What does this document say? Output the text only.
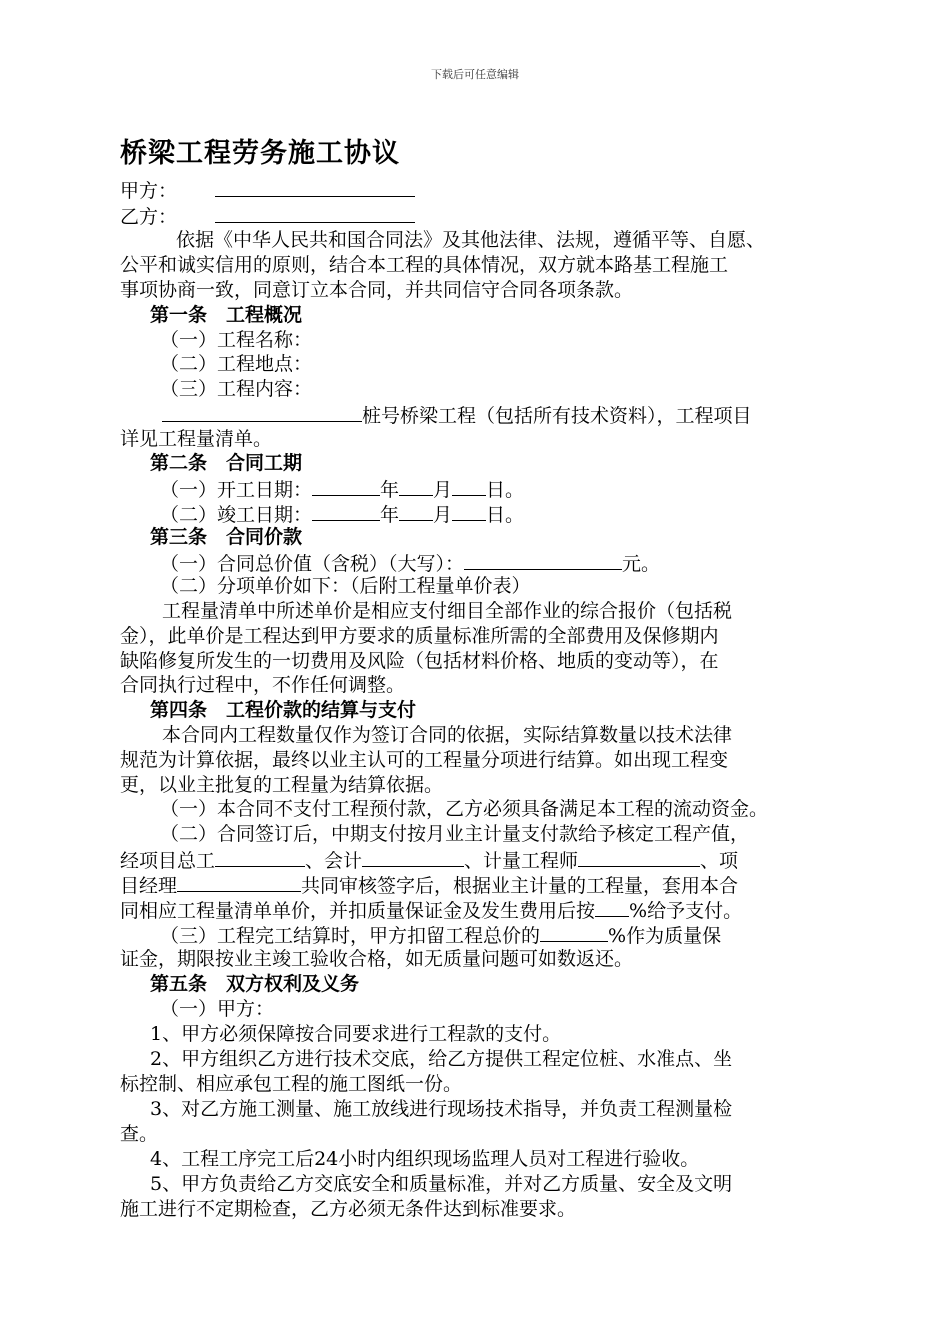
下载后可任意编辑
桥梁工程劳务施工协议
甲方：
乙方：
依据《中华人民共和国合同法》及其他法律、法规，遵循平等、自愿、
公平和诚实信用的原则，结合本工程的具体情况，双方就本路基工程施工
事项协商一致，同意订立本合同，并共同信守合同各项条款。
第一条　工程概况
（一）工程名称：
（二）工程地点：
（三）工程内容：
桩号桥梁工程（包括所有技术资料），工程项目
详见工程量清单。
第二条　合同工期
（一）开工日期：	年 月 日。
（二）竣工日期：	年 月 日。
第三条　合同价款
（一）合同总价值（含税）（大写）：	元。
（二）分项单价如下：（后附工程量单价表）
工程量清单中所述单价是相应支付细目全部作业的综合报价（包括税
金），此单价是工程达到甲方要求的质量标准所需的全部费用及保修期内
缺陷修复所发生的一切费用及风险（包括材料价格、地质的变动等），在
合同执行过程中，不作任何调整。
第四条　工程价款的结算与支付
本合同内工程数量仅作为签订合同的依据，实际结算数量以技术法律
规范为计算依据，最终以业主认可的工程量分项进行结算。如出现工程变
更，以业主批复的工程量为结算依据。
（一）本合同不支付工程预付款，乙方必须具备满足本工程的流动资金。
（二）合同签订后，中期支付按月业主计量支付款给予核定工程产值，
经项目总工	、会计	、计量工程师	、项
目经理	共同审核签字后，根据业主计量的工程量，套用本合
同相应工程量清单单价，并扣质量保证金及发生费用后按 %给予支付。
（三）工程完工结算时，甲方扣留工程总价的	%作为质量保
证金，期限按业主竣工验收合格，如无质量问题可如数返还。
第五条　双方权利及义务
（一）甲方：
1、甲方必须保障按合同要求进行工程款的支付。
2、甲方组织乙方进行技术交底，给乙方提供工程定位桩、水准点、坐
标控制、相应承包工程的施工图纸一份。
3、对乙方施工测量、施工放线进行现场技术指导，并负责工程测量检
查。
4、工程工序完工后24小时内组织现场监理人员对工程进行验收。
5、甲方负责给乙方交底安全和质量标准，并对乙方质量、安全及文明
施工进行不定期检查，乙方必须无条件达到标准要求。
